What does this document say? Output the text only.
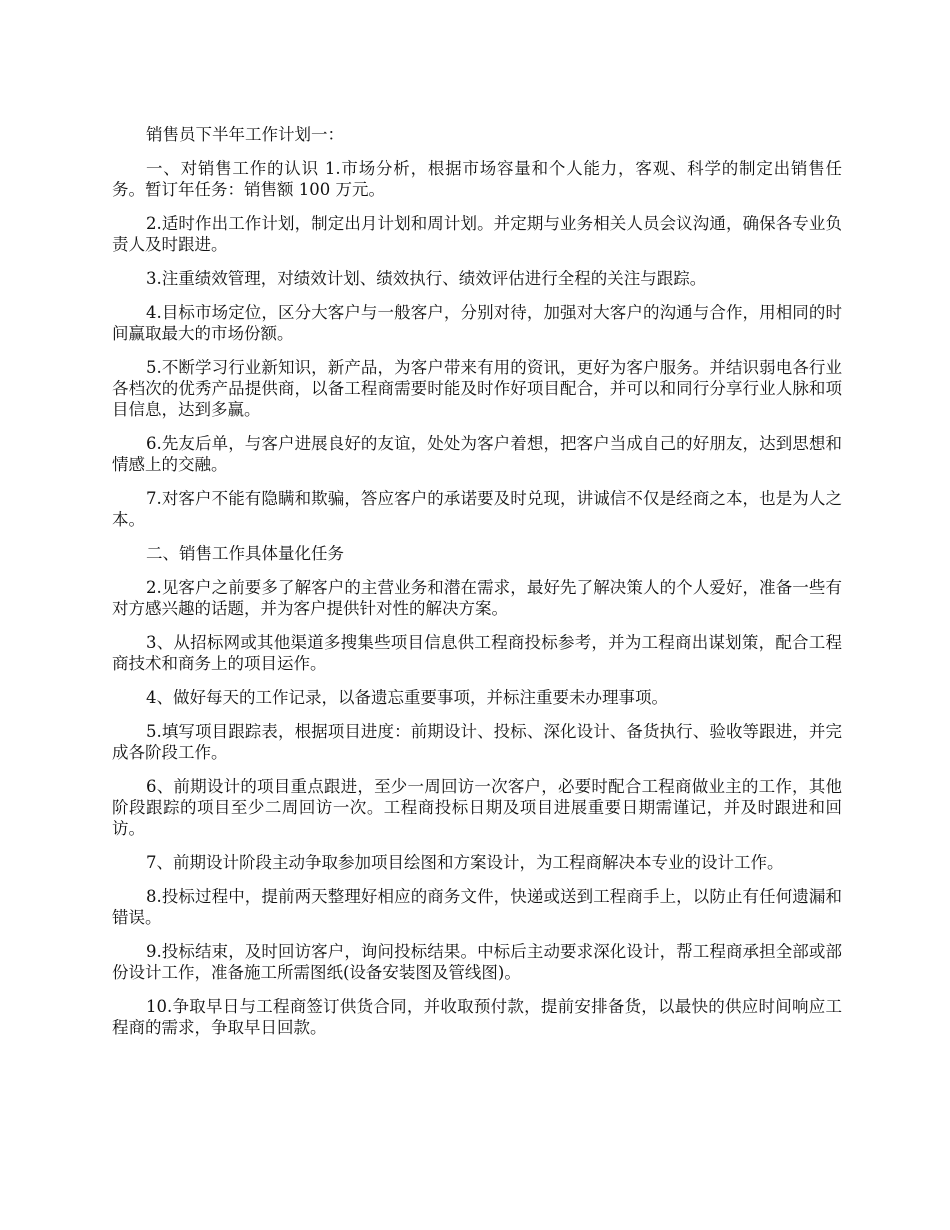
销售员下半年工作计划一：

一、对销售工作的认识 1.市场分析，根据市场容量和个人能力，客观、科学的制定出销售任务。暂订年任务：销售额 100 万元。

2.适时作出工作计划，制定出月计划和周计划。并定期与业务相关人员会议沟通，确保各专业负责人及时跟进。

3.注重绩效管理，对绩效计划、绩效执行、绩效评估进行全程的关注与跟踪。

4.目标市场定位，区分大客户与一般客户，分别对待，加强对大客户的沟通与合作，用相同的时间赢取最大的市场份额。

5.不断学习行业新知识，新产品，为客户带来有用的资讯，更好为客户服务。并结识弱电各行业各档次的优秀产品提供商，以备工程商需要时能及时作好项目配合，并可以和同行分享行业人脉和项目信息，达到多赢。

6.先友后单，与客户进展良好的友谊，处处为客户着想，把客户当成自己的好朋友，达到思想和情感上的交融。

7.对客户不能有隐瞒和欺骗，答应客户的承诺要及时兑现，讲诚信不仅是经商之本，也是为人之本。

二、销售工作具体量化任务

2.见客户之前要多了解客户的主营业务和潜在需求，最好先了解决策人的个人爱好，准备一些有对方感兴趣的话题，并为客户提供针对性的解决方案。

3、从招标网或其他渠道多搜集些项目信息供工程商投标参考，并为工程商出谋划策，配合工程商技术和商务上的项目运作。

4、做好每天的工作记录，以备遗忘重要事项，并标注重要未办理事项。

5.填写项目跟踪表，根据项目进度：前期设计、投标、深化设计、备货执行、验收等跟进，并完成各阶段工作。

6、前期设计的项目重点跟进，至少一周回访一次客户，必要时配合工程商做业主的工作，其他阶段跟踪的项目至少二周回访一次。工程商投标日期及项目进展重要日期需谨记，并及时跟进和回访。

7、前期设计阶段主动争取参加项目绘图和方案设计，为工程商解决本专业的设计工作。

8.投标过程中，提前两天整理好相应的商务文件，快递或送到工程商手上，以防止有任何遗漏和错误。

9.投标结束，及时回访客户，询问投标结果。中标后主动要求深化设计，帮工程商承担全部或部份设计工作，准备施工所需图纸(设备安装图及管线图)。

10.争取早日与工程商签订供货合同，并收取预付款，提前安排备货，以最快的供应时间响应工程商的需求，争取早日回款。
